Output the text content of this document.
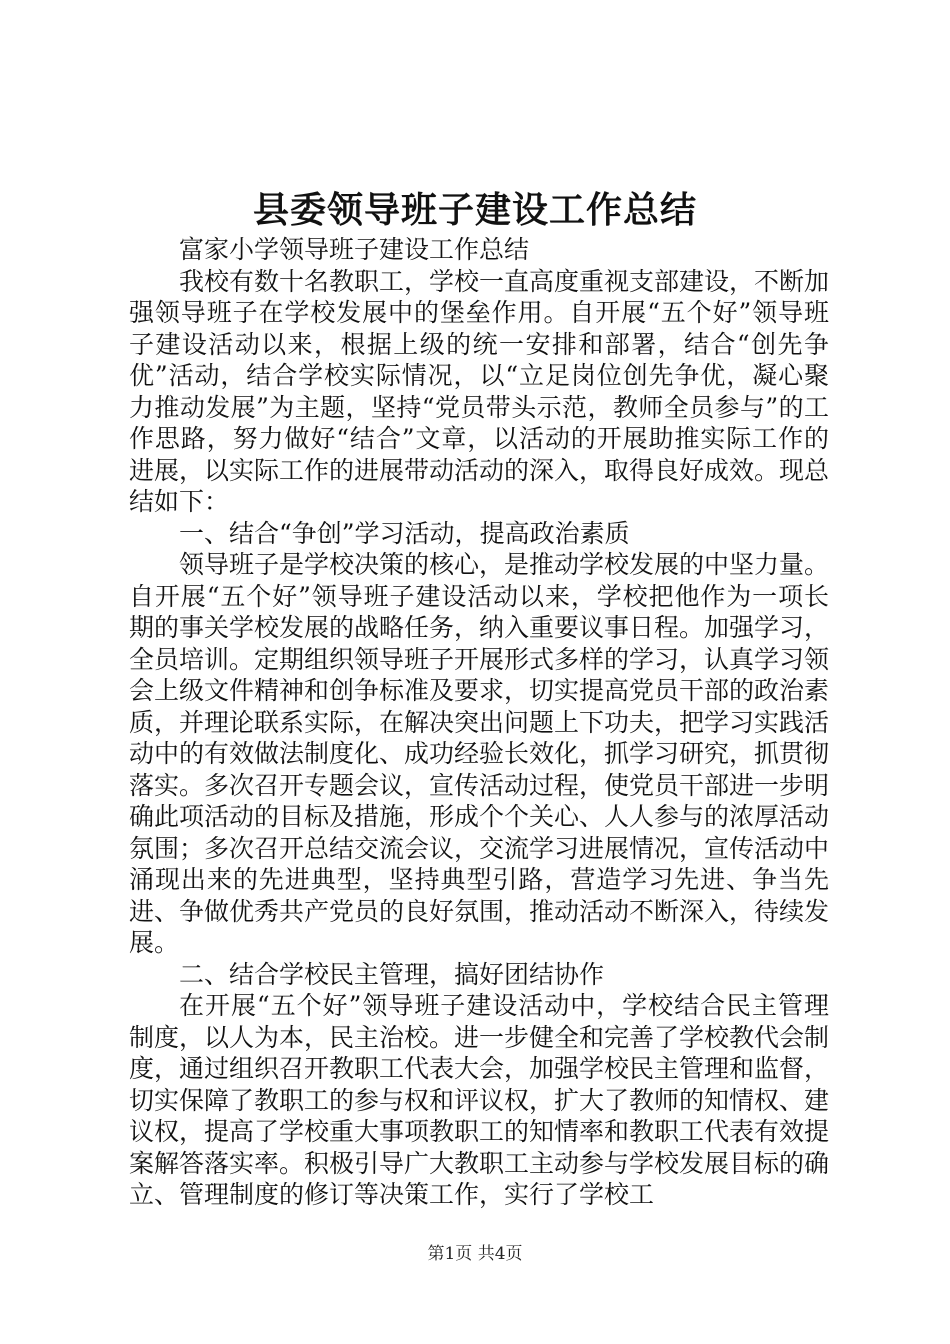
县委领导班子建设工作总结

富家小学领导班子建设工作总结

我校有数十名教职工，学校一直高度重视支部建设，不断加强领导班子在学校发展中的堡垒作用。自开展“五个好”领导班子建设活动以来，根据上级的统一安排和部署，结合“创先争优”活动，结合学校实际情况，以“立足岗位创先争优，凝心聚力推动发展”为主题，坚持“党员带头示范，教师全员参与”的工作思路，努力做好“结合”文章，以活动的开展助推实际工作的进展，以实际工作的进展带动活动的深入，取得良好成效。现总结如下：

一、结合“争创”学习活动，提高政治素质

领导班子是学校决策的核心，是推动学校发展的中坚力量。自开展“五个好”领导班子建设活动以来，学校把他作为一项长期的事关学校发展的战略任务，纳入重要议事日程。加强学习，全员培训。定期组织领导班子开展形式多样的学习，认真学习领会上级文件精神和创争标准及要求，切实提高党员干部的政治素质，并理论联系实际，在解决突出问题上下功夫，把学习实践活动中的有效做法制度化、成功经验长效化，抓学习研究，抓贯彻落实。多次召开专题会议，宣传活动过程，使党员干部进一步明确此项活动的目标及措施，形成个个关心、人人参与的浓厚活动氛围；多次召开总结交流会议，交流学习进展情况，宣传活动中涌现出来的先进典型，坚持典型引路，营造学习先进、争当先进、争做优秀共产党员的良好氛围，推动活动不断深入，待续发展。

二、结合学校民主管理，搞好团结协作

在开展“五个好”领导班子建设活动中，学校结合民主管理制度，以人为本，民主治校。进一步健全和完善了学校教代会制度，通过组织召开教职工代表大会，加强学校民主管理和监督，切实保障了教职工的参与权和评议权，扩大了教师的知情权、建议权，提高了学校重大事项教职工的知情率和教职工代表有效提案解答落实率。积极引导广大教职工主动参与学校发展目标的确立、管理制度的修订等决策工作，实行了学校工

第1页 共4页
